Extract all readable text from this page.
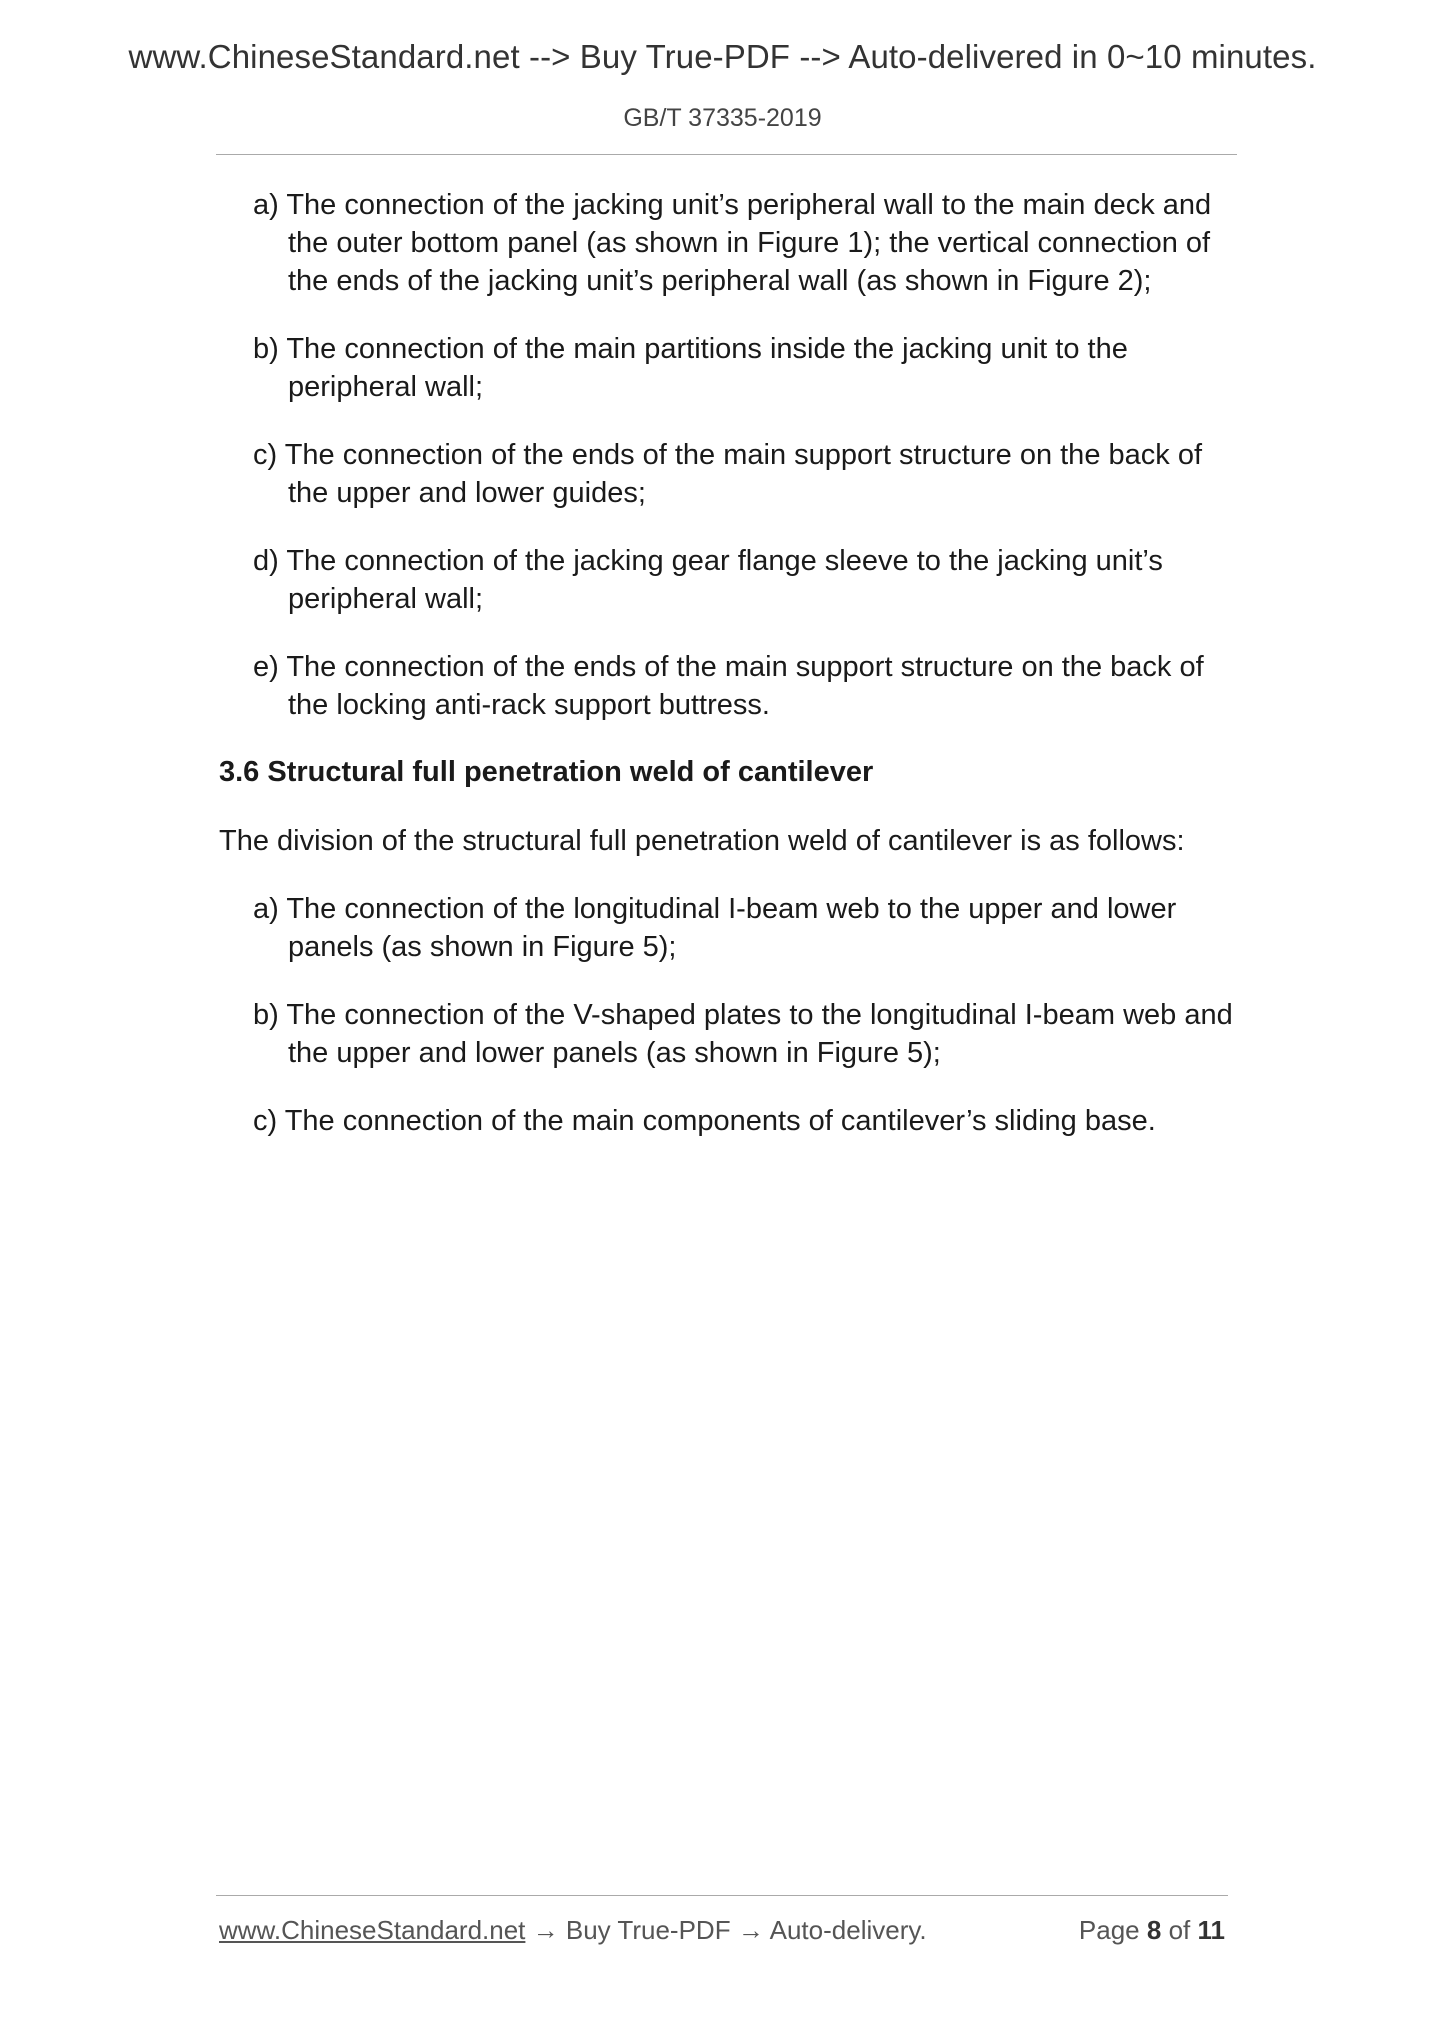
www.ChineseStandard.net --> Buy True-PDF --> Auto-delivered in 0~10 minutes.
GB/T 37335-2019
a) The connection of the jacking unit’s peripheral wall to the main deck and
the outer bottom panel (as shown in Figure 1); the vertical connection of
the ends of the jacking unit’s peripheral wall (as shown in Figure 2);
b) The connection of the main partitions inside the jacking unit to the
peripheral wall;
c) The connection of the ends of the main support structure on the back of
the upper and lower guides;
d) The connection of the jacking gear flange sleeve to the jacking unit’s
peripheral wall;
e) The connection of the ends of the main support structure on the back of
the locking anti-rack support buttress.
3.6 Structural full penetration weld of cantilever
The division of the structural full penetration weld of cantilever is as follows:
a) The connection of the longitudinal I-beam web to the upper and lower
panels (as shown in Figure 5);
b) The connection of the V-shaped plates to the longitudinal I-beam web and
the upper and lower panels (as shown in Figure 5);
c) The connection of the main components of cantilever’s sliding base.
www.ChineseStandard.net → Buy True-PDF → Auto-delivery.	Page 8 of 11
